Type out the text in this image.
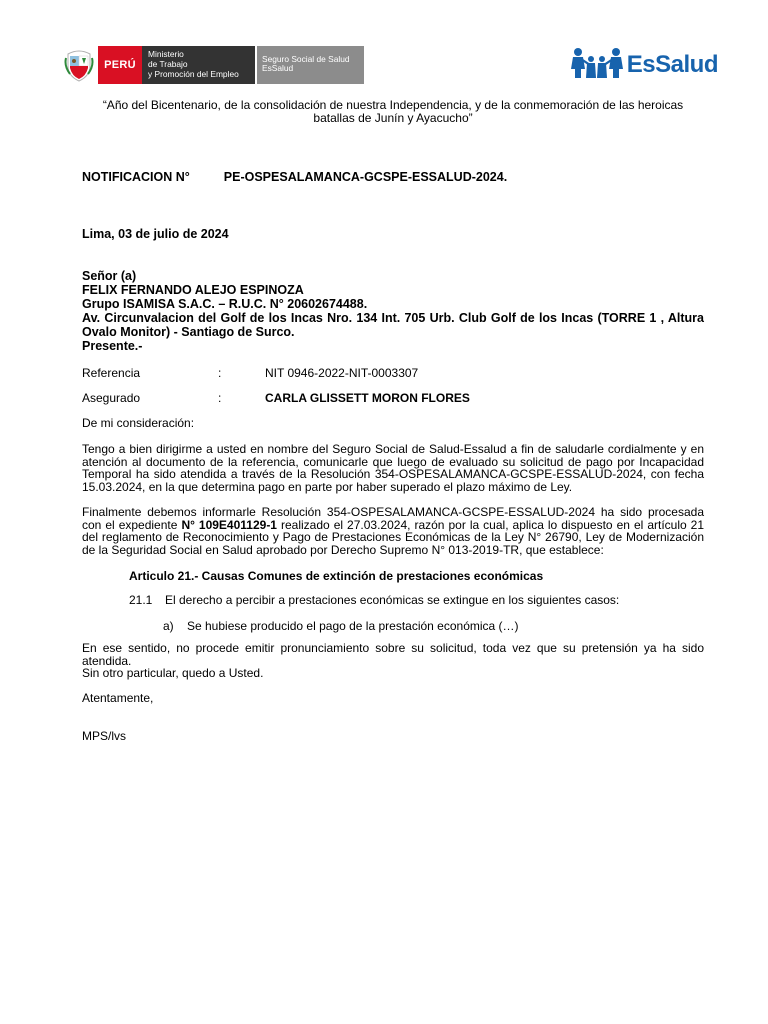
PERÚ
Ministerio
de Trabajo
y Promoción del Empleo
Seguro Social de Salud
EsSalud	EsSalud
“Año del Bicentenario, de la consolidación de nuestra Independencia, y de la conmemoración de las heroicas batallas de Junín y Ayacucho”
NOTIFICACION N°	PE-OSPESALAMANCA-GCSPE-ESSALUD-2024.
Lima, 03 de julio de 2024
Señor (a)
FELIX FERNANDO ALEJO ESPINOZA
Grupo ISAMISA S.A.C. – R.U.C. N° 20602674488.
Av. Circunvalacion del Golf de los Incas Nro. 134 Int. 705 Urb. Club Golf de los Incas (TORRE 1 , Altura Ovalo Monitor) - Santiago de Surco.
Presente.-
Referencia	:	NIT 0946-2022-NIT-0003307
Asegurado	:	CARLA GLISSETT MORON FLORES
De mi consideración:
Tengo a bien dirigirme a usted en nombre del Seguro Social de Salud-Essalud a fin de saludarle cordialmente y en atención al documento de la referencia, comunicarle que luego de evaluado su solicitud de pago por Incapacidad Temporal ha sido atendida a través de la Resolución 354-OSPESALAMANCA-GCSPE-ESSALUD-2024, con fecha 15.03.2024, en la que determina pago en parte por haber superado el plazo máximo de Ley.
Finalmente debemos informarle Resolución 354-OSPESALAMANCA-GCSPE-ESSALUD-2024 ha sido procesada con el expediente N° 109E401129-1 realizado el 27.03.2024, razón por la cual, aplica lo dispuesto en el artículo 21 del reglamento de Reconocimiento y Pago de Prestaciones Económicas de la Ley N° 26790, Ley de Modernización de la Seguridad Social en Salud aprobado por Derecho Supremo N° 013-2019-TR, que establece:
Articulo 21.- Causas Comunes de extinción de prestaciones económicas
21.1 El derecho a percibir a prestaciones económicas se extingue en los siguientes casos:
a) Se hubiese producido el pago de la prestación económica (…)
En ese sentido, no procede emitir pronunciamiento sobre su solicitud, toda vez que su pretensión ya ha sido atendida.
Sin otro particular, quedo a Usted.
Atentamente,
MPS/lvs
